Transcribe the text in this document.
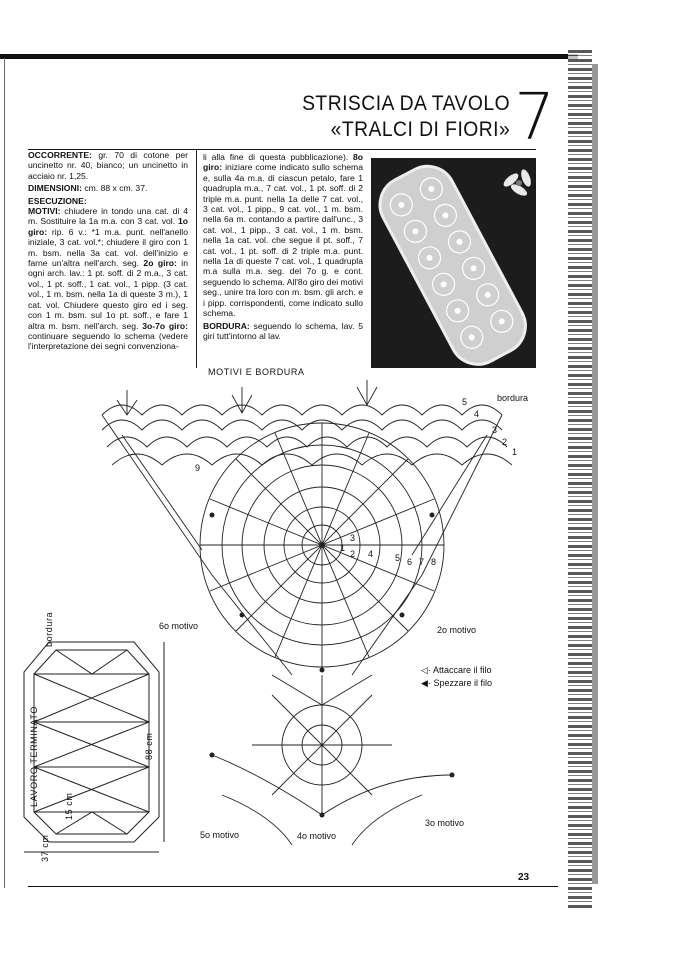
STRISCIA DA TAVOLO
«TRALCI DI FIORI» 7

OCCORRENTE: gr. 70 di cotone per uncinetto nr. 40, bianco; un uncinetto in acciaio nr. 1,25.

DIMENSIONI: cm. 88 x cm. 37.

ESECUZIONE:

MOTIVI: chiudere in tondo una cat. di 4 m. Sostituire la 1a m.a. con 3 cat. vol. 1o giro: rip. 6 v.: *1 m.a. punt. nell'anello iniziale, 3 cat. vol.*; chiudere il giro con 1 m. bsm. nella 3a cat. vol. dell'inizio e farne un'altra nell'arch. seg. 2o giro: in ogni arch. lav.: 1 pt. soff. di 2 m.a., 3 cat. vol., 1 pt. soff., 1 cat. vol., 1 pipp. (3 cat. vol., 1 m. bsm. nella 1a di queste 3 m.), 1 cat. vol. Chiudere questo giro ed i seg. con 1 m. bsm. sul 1o pt. soff., e fare 1 altra m. bsm. nell'arch. seg. 3o-7o giro: continuare seguendo lo schema (vedere l'interpretazione dei segni convenziona-

li alla fine di questa pubblicazione). 8o giro: iniziare come indicato sullo schema e, sulla 4a m.a. di ciascun petalo, fare 1 quadrupla m.a., 7 cat. vol., 1 pt. soff. di 2 triple m.a. punt. nella 1a delle 7 cat. vol., 3 cat. vol., 1 pipp., 9 cat. vol., 1 m. bsm. nella 6a m. contando a partire dall'unc., 3 cat. vol., 1 pipp., 3 cat. vol., 1 m. bsm. nella 1a cat. vol. che segue il pt. soff., 7 cat. vol., 1 pt. soff. di 2 triple m.a. punt. nella 1a di queste 7 cat. vol., 1 quadrupla m.a sulla m.a. seg. del 7o g. e cont. seguendo lo schema. All'8o giro dei motivi seg., unire tra loro con m. bsm. gli arch. e i pipp. corrispondenti, come indicato sullo schema.

BORDURA: seguendo lo schema, lav. 5 giri tutt'intorno al lav.

MOTIVI E BORDURA
bordura
5
4
3
2
1
1
2
3
4 5 6 7 8
9
6o motivo	2o motivo
5o motivo	4o motivo
3o motivo
◁· Attaccare il filo
◀· Spezzare il filo
bordura
LAVORO TERMINATO	88 cm
15 cm
37 cm
23
